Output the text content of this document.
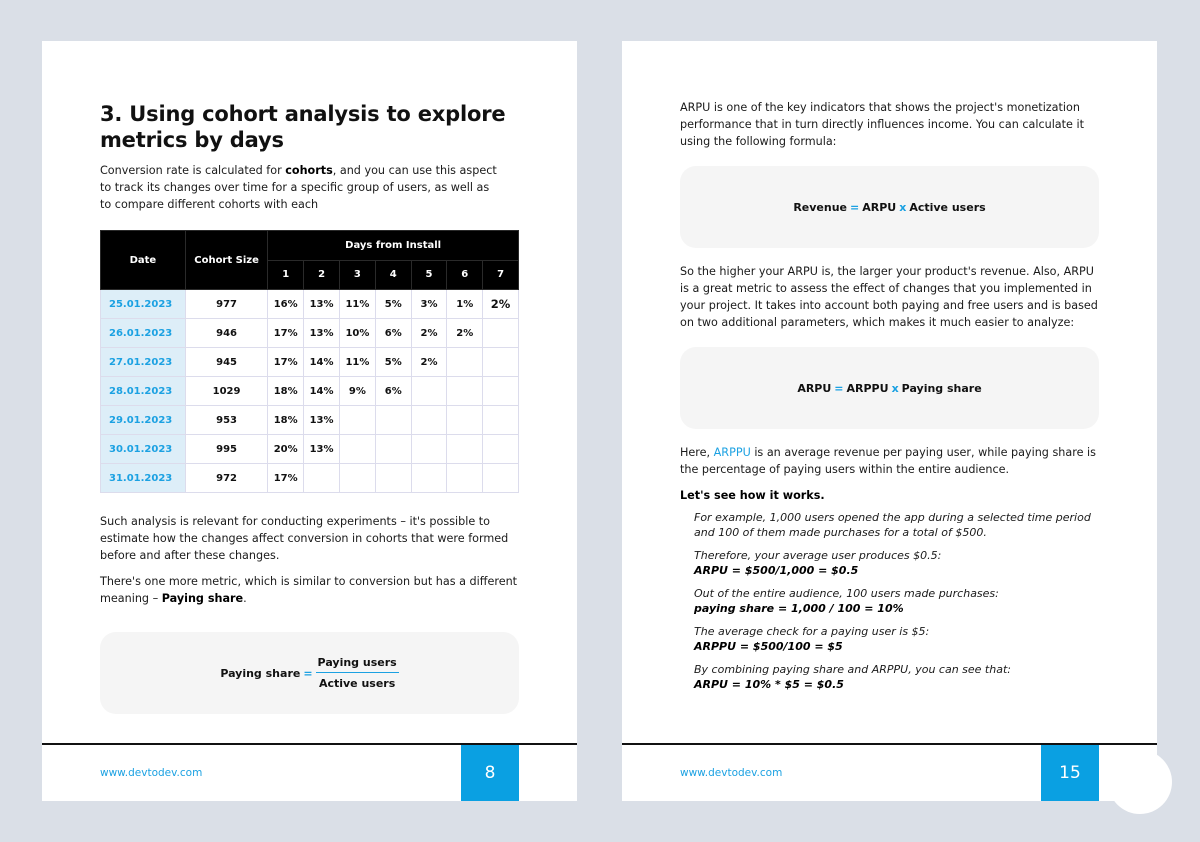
3. Using cohort analysis to explore metrics by days

Conversion rate is calculated for cohorts, and you can use this aspect to track its changes over time for a specific group of users, as well as to compare different cohorts with each

Date	Cohort Size	Days from Install						
		1	2	3	4	5	6	7
25.01.2023	977	16%	13%	11%	5%	3%	1%	2%
26.01.2023	946	17%	13%	10%	6%	2%	2%	
27.01.2023	945	17%	14%	11%	5%	2%		
28.01.2023	1029	18%	14%	9%	6%			
29.01.2023	953	18%	13%					
30.01.2023	995	20%	13%					
31.01.2023	972	17%						

Such analysis is relevant for conducting experiments – it's possible to estimate how the changes affect conversion in cohorts that were formed before and after these changes.

There's one more metric, which is similar to conversion but has a different meaning – Paying share.

Paying share = $\frac{\text{Paying users}}{\text{Active users}}$
www.devtodev.com	8

ARPU is one of the key indicators that shows the project's monetization performance that in turn directly influences income. You can calculate it using the following formula:

Revenue = ARPU x Active users

So the higher your ARPU is, the larger your product's revenue. Also, ARPU is a great metric to assess the effect of changes that you implemented in your project. It takes into account both paying and free users and is based on two additional parameters, which makes it much easier to analyze:

ARPU = ARPPU x Paying share

Here, ARPPU is an average revenue per paying user, while paying share is the percentage of paying users within the entire audience.

Let's see how it works.

For example, 1,000 users opened the app during a selected time period and 100 of them made purchases for a total of $500.
Therefore, your average user produces $0.5:
ARPU = $500/1,000 = $0.5
Out of the entire audience, 100 users made purchases:
paying share = 1,000 / 100 = 10%
The average check for a paying user is $5:
ARPPU = $500/100 = $5
By combining paying share and ARPPU, you can see that:
ARPU = 10% * $5 = $0.5
www.devtodev.com	15
